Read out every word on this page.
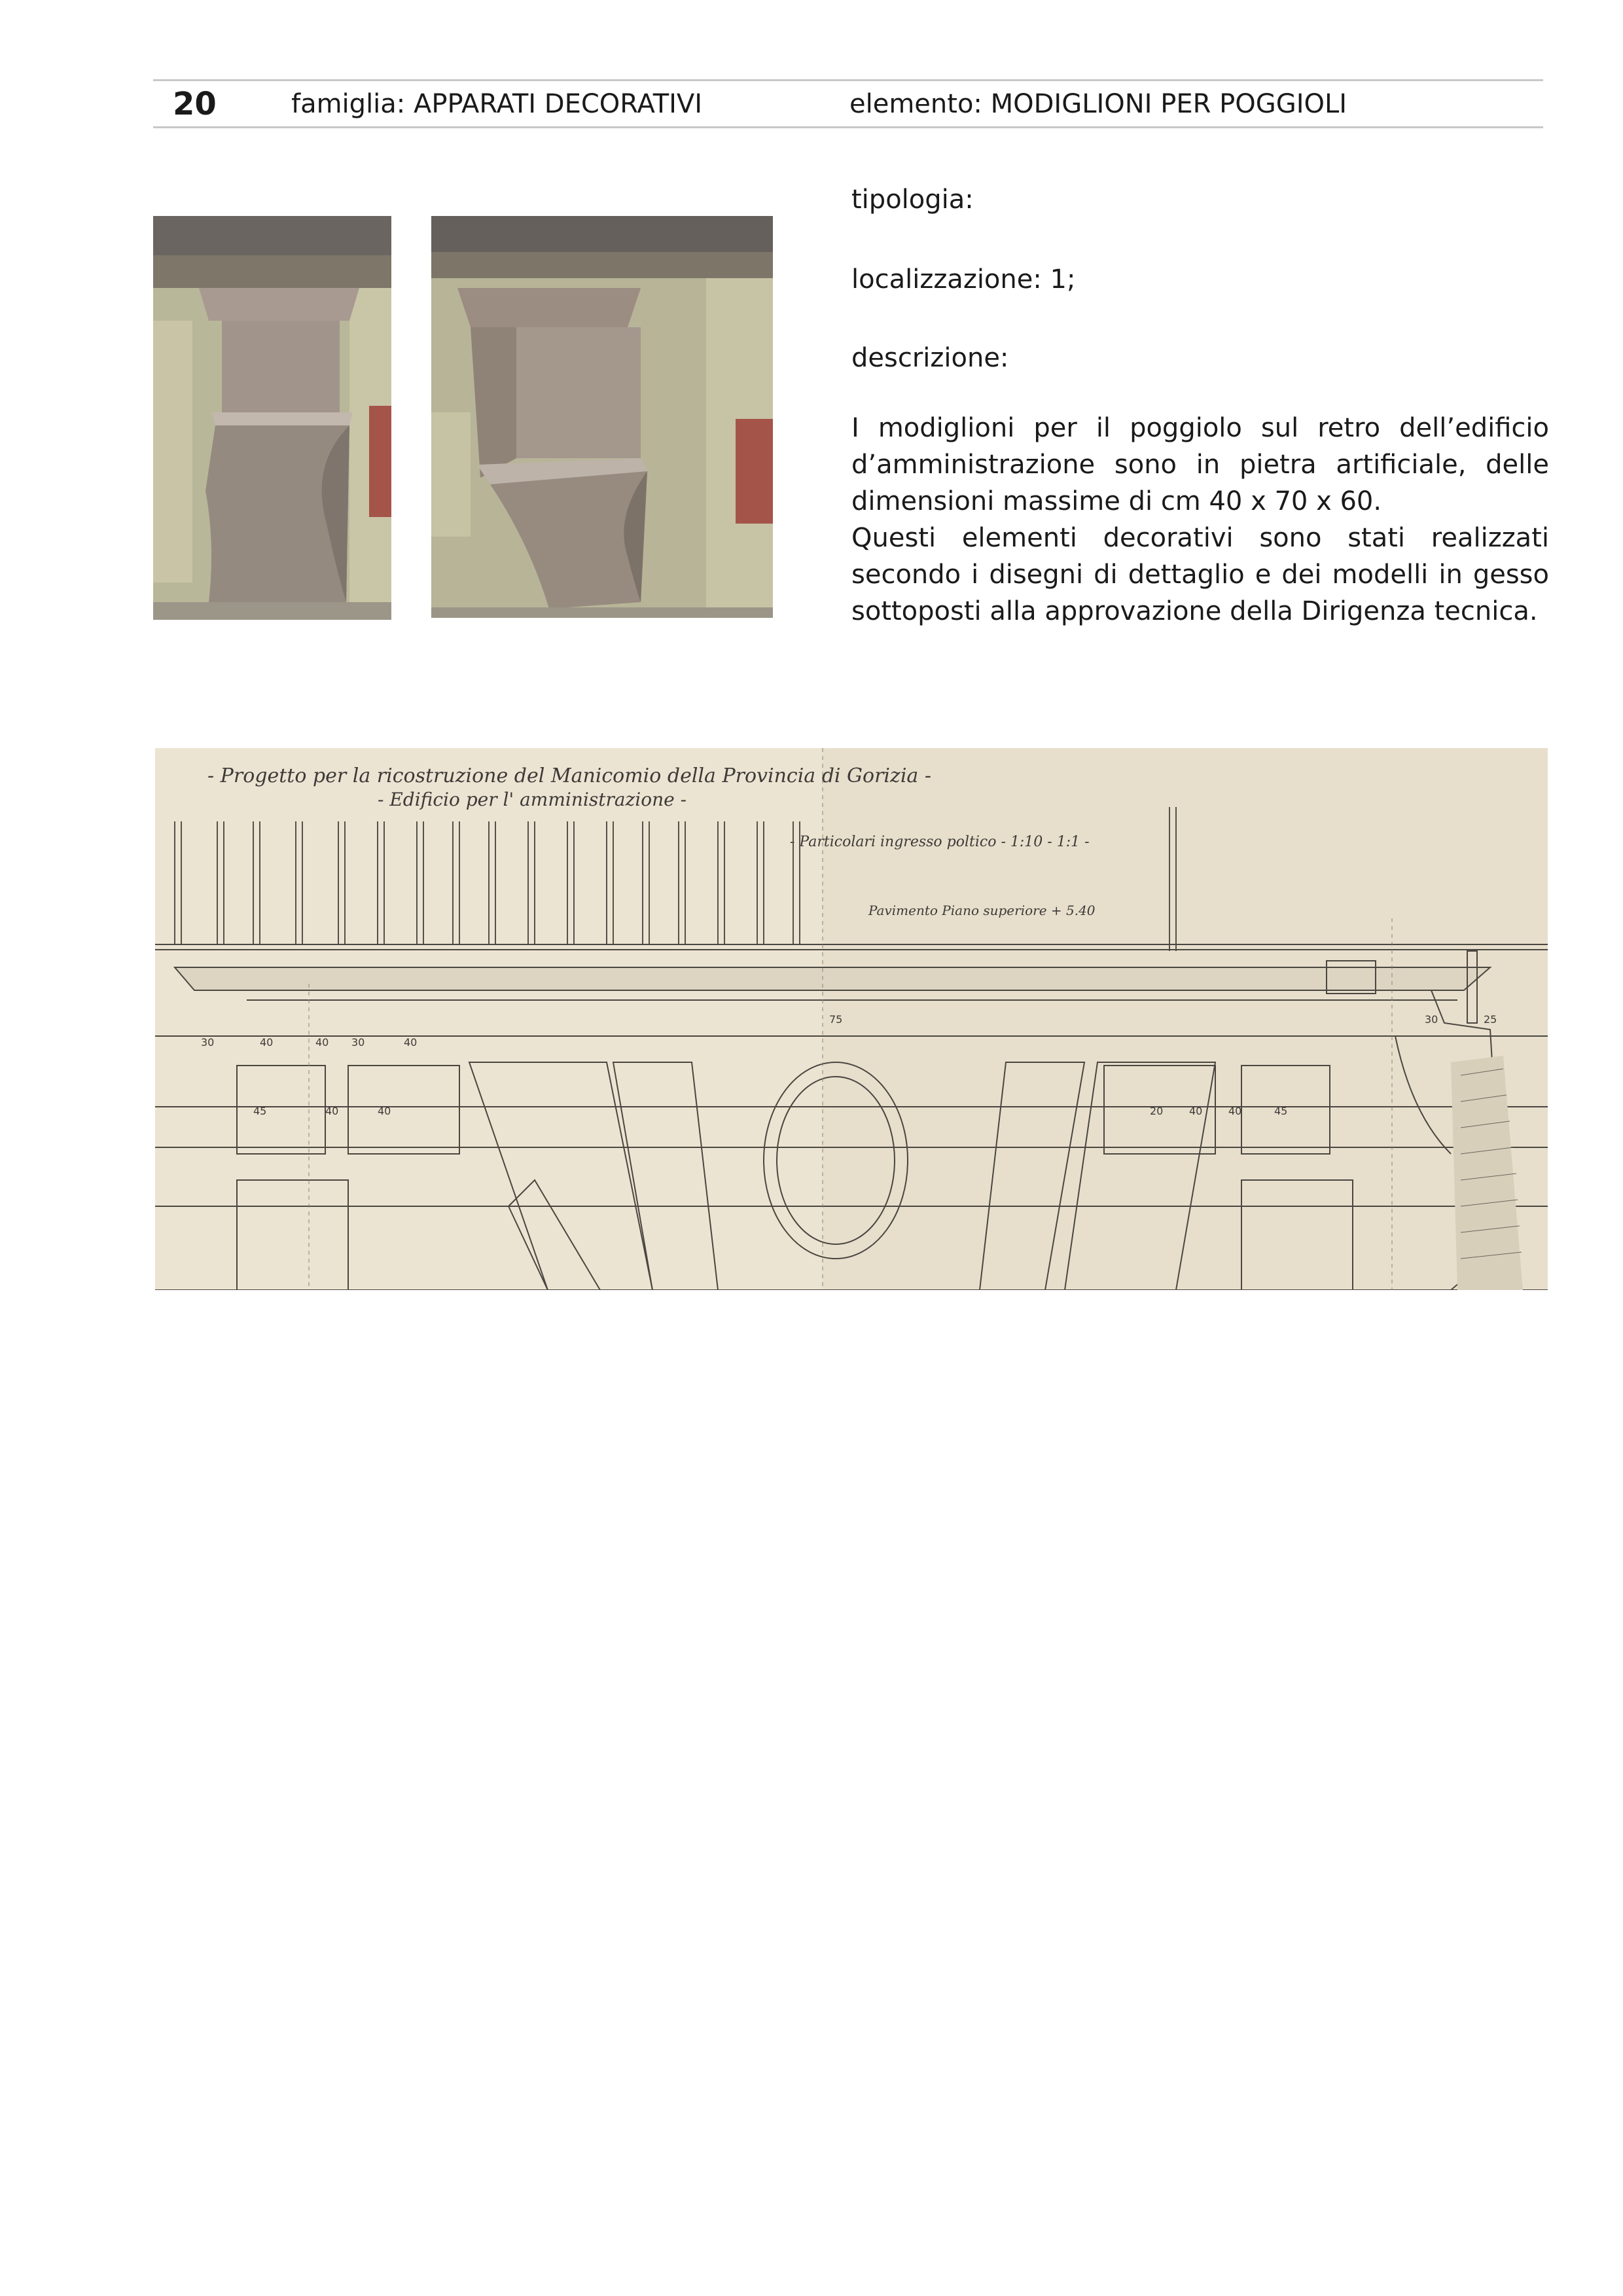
20	famiglia: APPARATI DECORATIVI	elemento: MODIGLIONI PER POGGIOLI
tipologia:
localizzazione: 1;
descrizione:

I modiglioni per il poggiolo sul retro dell’edificio d’amministrazione sono in pietra artificiale, delle dimensioni massime di cm 40 x 70 x 60.

Questi elementi decorativi sono stati realizzati secondo i disegni di dettaglio e dei modelli in gesso sottoposti alla approvazione della Dirigenza tecnica.

- Progetto per la ricostruzione del Manicomio della Provincia di Gorizia -
- Edificio per l' amministrazione -
- Particolari ingresso poltico - 1:10 - 1:1 -
Pavimento Piano superiore + 5.40
30	40	40 30	40
45	40	40
75	30	25
40	45
40
20
